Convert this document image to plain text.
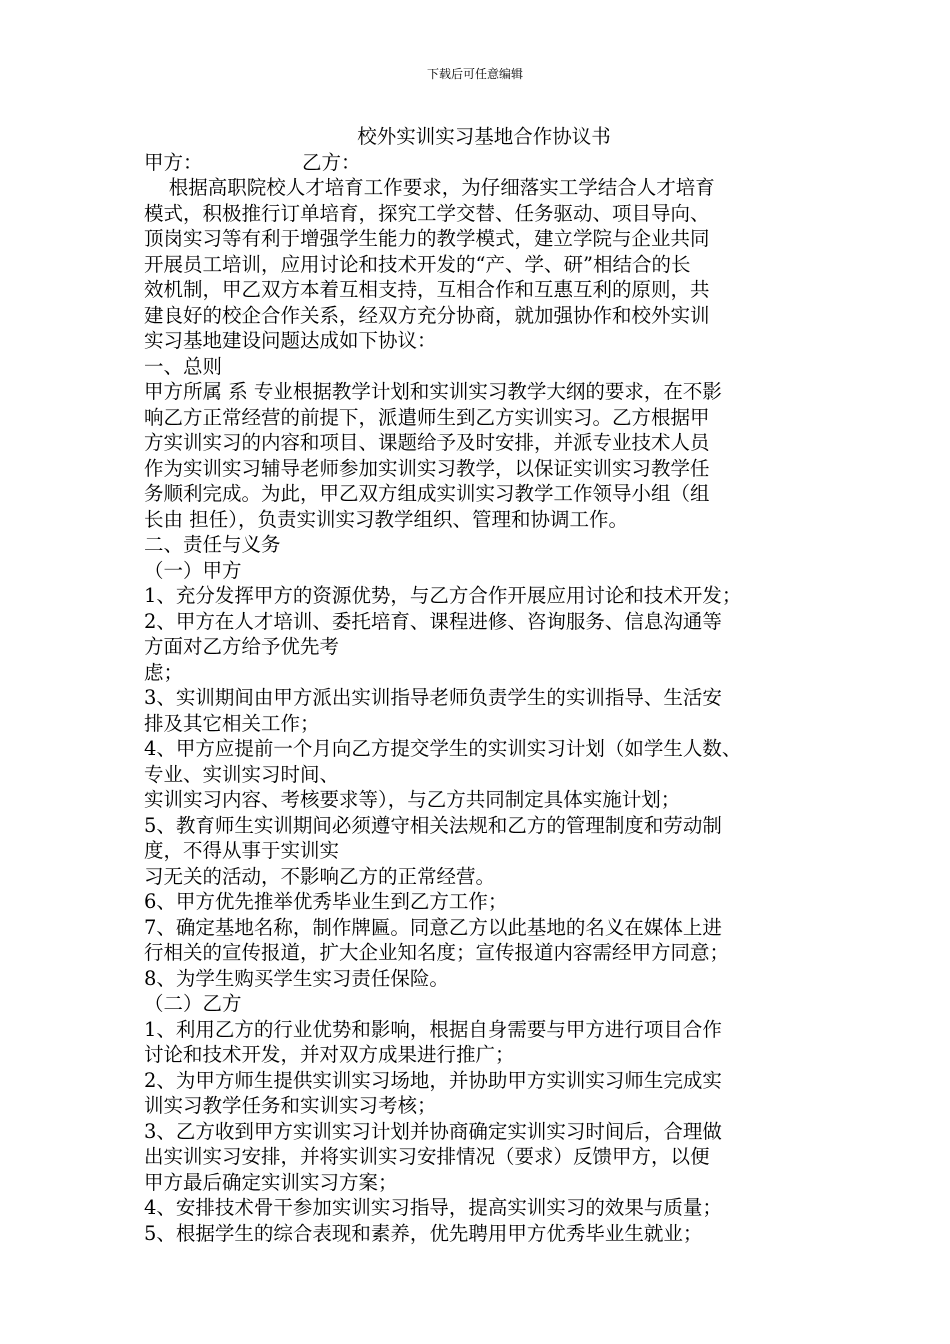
下载后可任意编辑
校外实训实习基地合作协议书
甲方：	乙方：
根据高职院校人才培育工作要求，为仔细落实工学结合人才培育
模式，积极推行订单培育，探究工学交替、任务驱动、项目导向、
顶岗实习等有利于增强学生能力的教学模式，建立学院与企业共同
开展员工培训，应用讨论和技术开发的“产、学、研”相结合的长
效机制，甲乙双方本着互相支持，互相合作和互惠互利的原则，共
建良好的校企合作关系，经双方充分协商，就加强协作和校外实训
实习基地建设问题达成如下协议：
一、总则
甲方所属 系 专业根据教学计划和实训实习教学大纲的要求，在不影
响乙方正常经营的前提下，派遣师生到乙方实训实习。乙方根据甲
方实训实习的内容和项目、课题给予及时安排，并派专业技术人员
作为实训实习辅导老师参加实训实习教学，以保证实训实习教学任
务顺利完成。为此，甲乙双方组成实训实习教学工作领导小组（组
长由 担任），负责实训实习教学组织、管理和协调工作。
二、责任与义务
（一）甲方
1、充分发挥甲方的资源优势，与乙方合作开展应用讨论和技术开发；
2、甲方在人才培训、委托培育、课程进修、咨询服务、信息沟通等
方面对乙方给予优先考
虑；
3、实训期间由甲方派出实训指导老师负责学生的实训指导、生活安
排及其它相关工作；
4、甲方应提前一个月向乙方提交学生的实训实习计划（如学生人数、
专业、实训实习时间、
实训实习内容、考核要求等），与乙方共同制定具体实施计划；
5、教育师生实训期间必须遵守相关法规和乙方的管理制度和劳动制
度，不得从事于实训实
习无关的活动，不影响乙方的正常经营。
6、甲方优先推举优秀毕业生到乙方工作；
7、确定基地名称，制作牌匾。同意乙方以此基地的名义在媒体上进
行相关的宣传报道，扩大企业知名度；宣传报道内容需经甲方同意；
8、为学生购买学生实习责任保险。
（二）乙方
1、利用乙方的行业优势和影响，根据自身需要与甲方进行项目合作
讨论和技术开发，并对双方成果进行推广；
2、为甲方师生提供实训实习场地，并协助甲方实训实习师生完成实
训实习教学任务和实训实习考核；
3、乙方收到甲方实训实习计划并协商确定实训实习时间后，合理做
出实训实习安排，并将实训实习安排情况（要求）反馈甲方，以便
甲方最后确定实训实习方案；
4、安排技术骨干参加实训实习指导，提高实训实习的效果与质量；
5、根据学生的综合表现和素养，优先聘用甲方优秀毕业生就业；
